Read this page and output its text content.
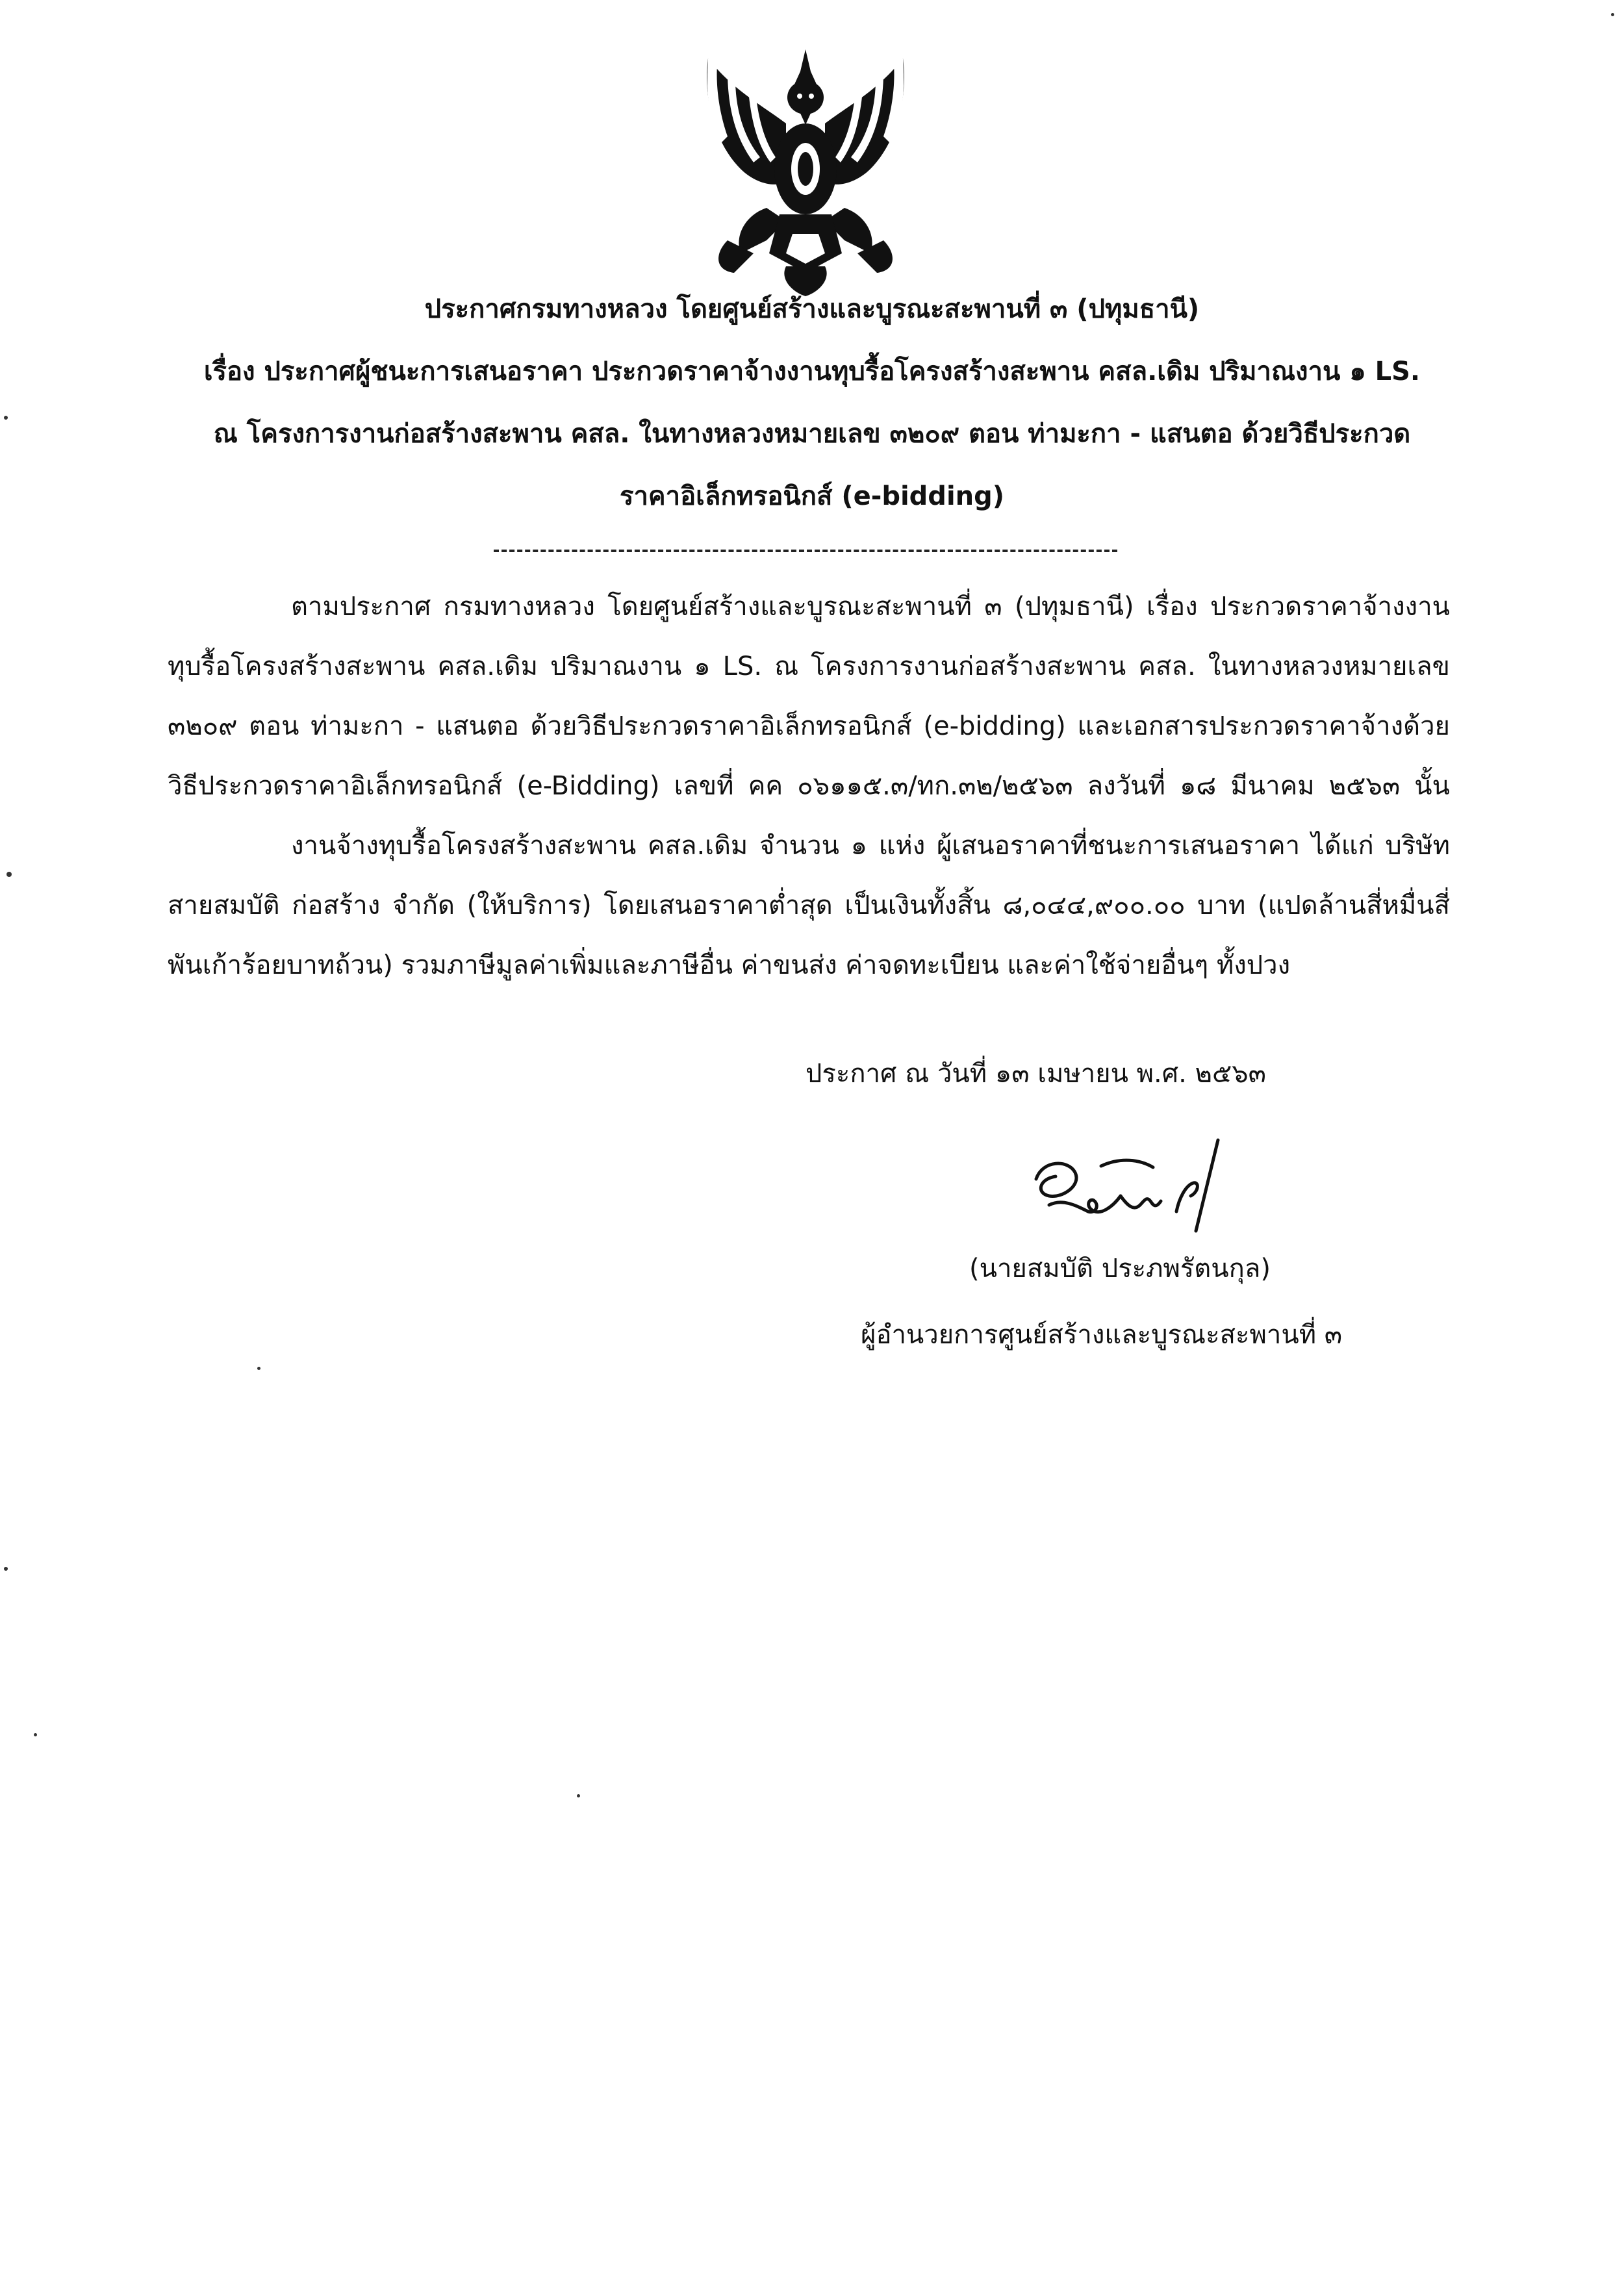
ประกาศกรมทางหลวง โดยศูนย์สร้างและบูรณะสะพานที่ ๓ (ปทุมธานี)
เรื่อง ประกาศผู้ชนะการเสนอราคา ประกวดราคาจ้างงานทุบรื้อโครงสร้างสะพาน คสล.เดิม ปริมาณงาน ๑ LS.
ณ โครงการงานก่อสร้างสะพาน คสล. ในทางหลวงหมายเลข ๓๒๐๙ ตอน ท่ามะกา - แสนตอ ด้วยวิธีประกวด
ราคาอิเล็กทรอนิกส์ (e-bidding)
ตามประกาศ กรมทางหลวง โดยศูนย์สร้างและบูรณะสะพานที่ ๓ (ปทุมธานี) เรื่อง ประกวดราคาจ้างงาน
ทุบรื้อโครงสร้างสะพาน คสล.เดิม ปริมาณงาน ๑ LS. ณ โครงการงานก่อสร้างสะพาน คสล. ในทางหลวงหมายเลข
๓๒๐๙ ตอน ท่ามะกา - แสนตอ ด้วยวิธีประกวดราคาอิเล็กทรอนิกส์ (e-bidding) และเอกสารประกวดราคาจ้างด้วย
วิธีประกวดราคาอิเล็กทรอนิกส์ (e-Bidding) เลขที่ คค ๐๖๑๑๕.๓/ทก.๓๒/๒๕๖๓ ลงวันที่ ๑๘ มีนาคม ๒๕๖๓ นั้น
งานจ้างทุบรื้อโครงสร้างสะพาน คสล.เดิม จำนวน ๑ แห่ง ผู้เสนอราคาที่ชนะการเสนอราคา ได้แก่ บริษัท
สายสมบัติ ก่อสร้าง จำกัด (ให้บริการ) โดยเสนอราคาต่ำสุด เป็นเงินทั้งสิ้น ๘,๐๔๔,๙๐๐.๐๐ บาท (แปดล้านสี่หมื่นสี่
พันเก้าร้อยบาทถ้วน) รวมภาษีมูลค่าเพิ่มและภาษีอื่น ค่าขนส่ง ค่าจดทะเบียน และค่าใช้จ่ายอื่นๆ ทั้งปวง
ประกาศ ณ วันที่ ๑๓ เมษายน พ.ศ. ๒๕๖๓
(นายสมบัติ ประภพรัตนกุล)
ผู้อำนวยการศูนย์สร้างและบูรณะสะพานที่ ๓
